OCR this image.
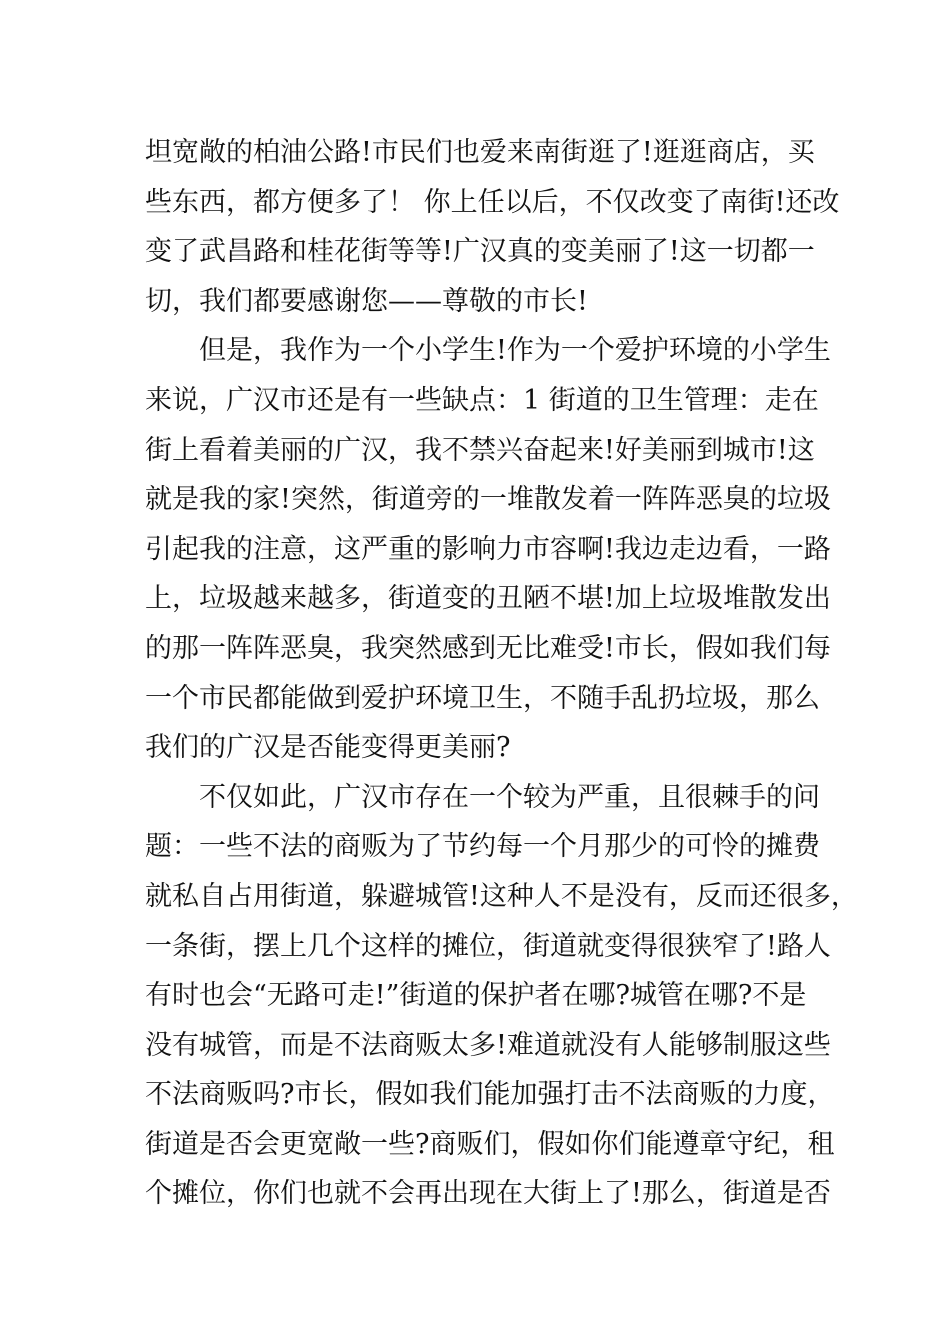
坦宽敞的柏油公路!市民们也爱来南街逛了!逛逛商店，买
些东西，都方便多了！ 你上任以后，不仅改变了南街!还改
变了武昌路和桂花街等等!广汉真的变美丽了!这一切都一
切，我们都要感谢您——尊敬的市长!
但是，我作为一个小学生!作为一个爱护环境的小学生
来说，广汉市还是有一些缺点：1 街道的卫生管理：走在
街上看着美丽的广汉，我不禁兴奋起来!好美丽到城市!这
就是我的家!突然，街道旁的一堆散发着一阵阵恶臭的垃圾
引起我的注意，这严重的影响力市容啊!我边走边看，一路
上，垃圾越来越多，街道变的丑陋不堪!加上垃圾堆散发出
的那一阵阵恶臭，我突然感到无比难受!市长，假如我们每
一个市民都能做到爱护环境卫生，不随手乱扔垃圾，那么
我们的广汉是否能变得更美丽?
不仅如此，广汉市存在一个较为严重，且很棘手的问
题：一些不法的商贩为了节约每一个月那少的可怜的摊费
就私自占用街道，躲避城管!这种人不是没有，反而还很多，
一条街，摆上几个这样的摊位，街道就变得很狭窄了!路人
有时也会“无路可走!”街道的保护者在哪?城管在哪?不是
没有城管，而是不法商贩太多!难道就没有人能够制服这些
不法商贩吗?市长，假如我们能加强打击不法商贩的力度，
街道是否会更宽敞一些?商贩们，假如你们能遵章守纪，租
个摊位，你们也就不会再出现在大街上了!那么，街道是否
